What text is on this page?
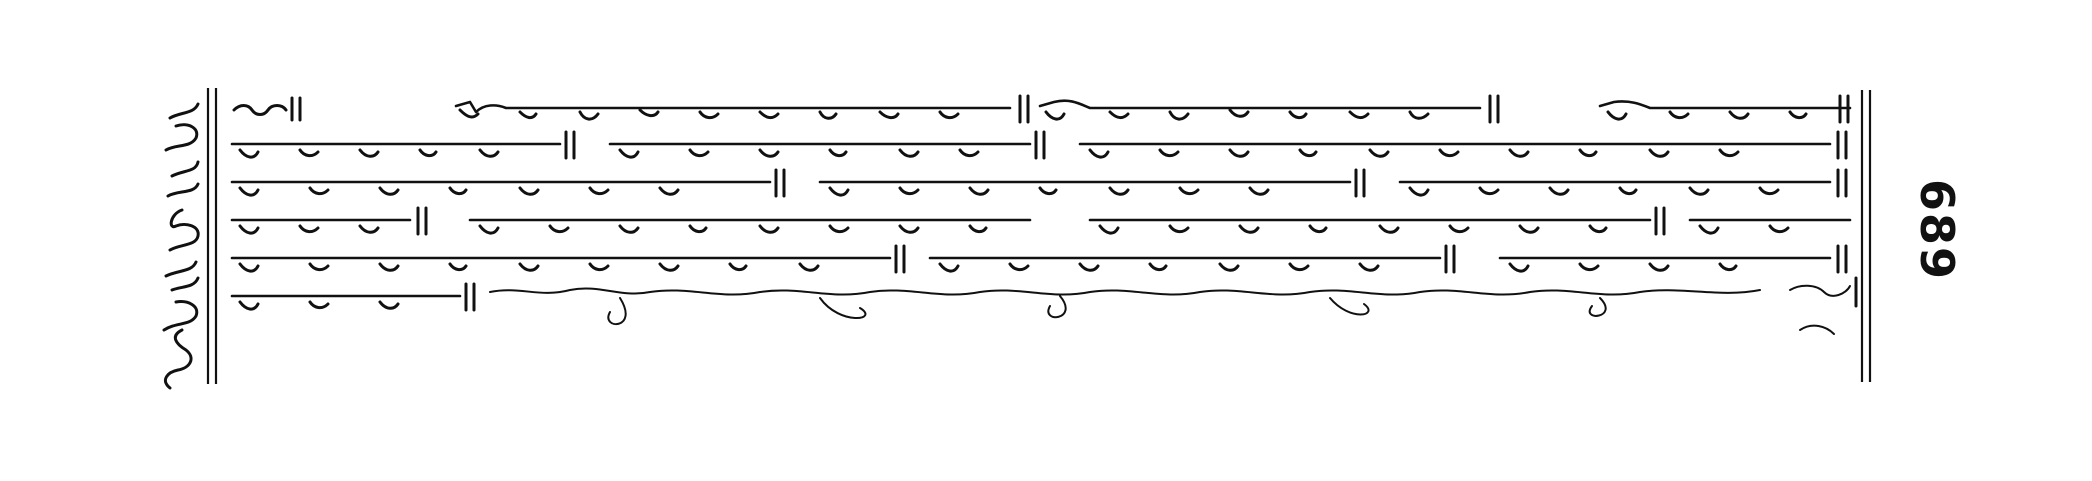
689
